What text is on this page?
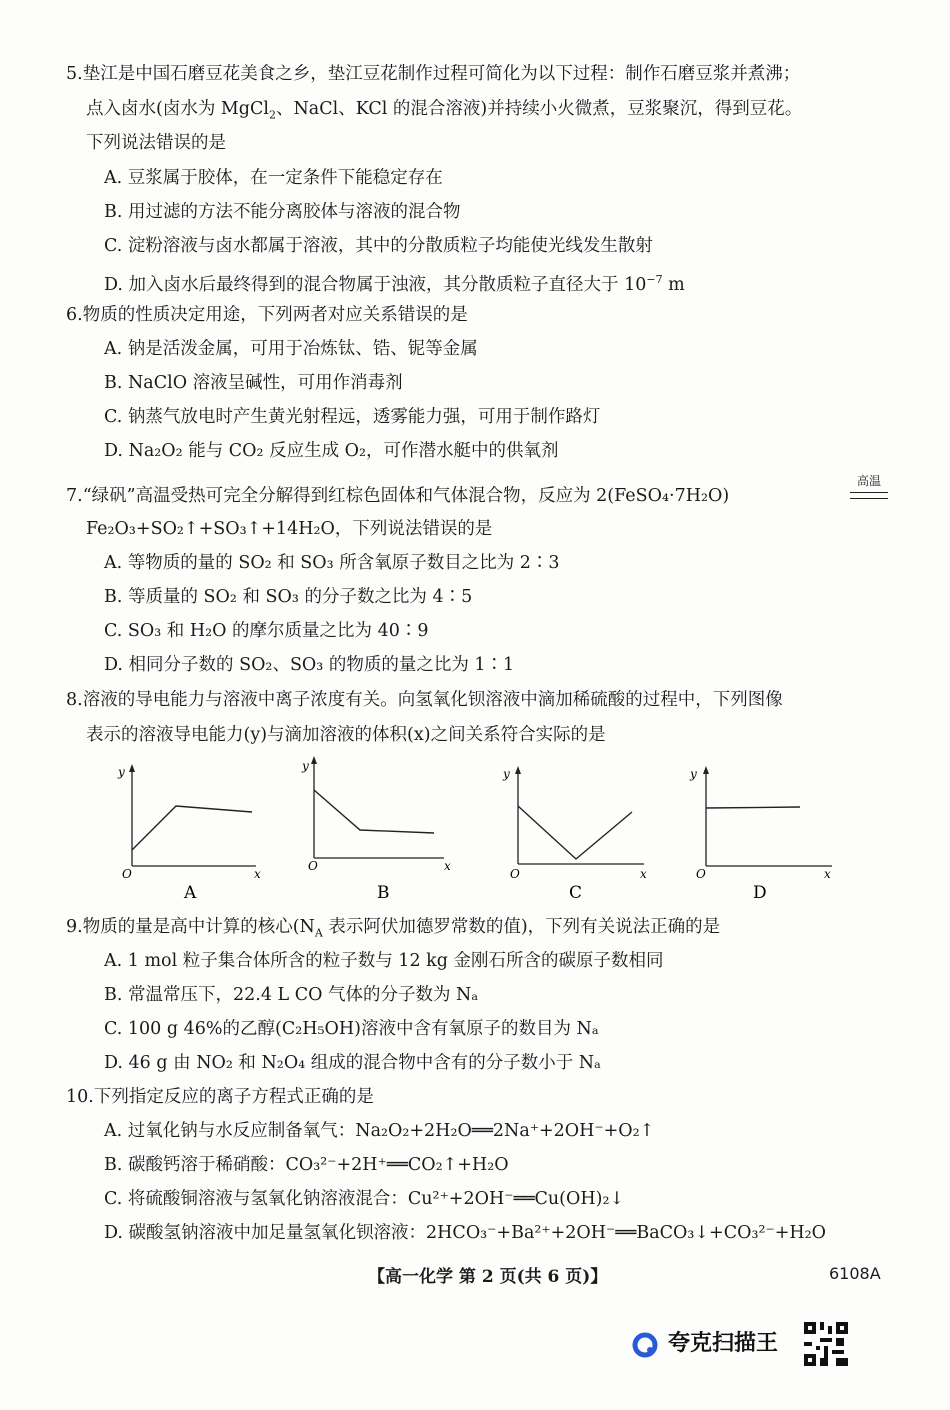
5.垫江是中国石磨豆花美食之乡，垫江豆花制作过程可简化为以下过程：制作石磨豆浆并煮沸；
点入卤水(卤水为 MgCl$_2$、NaCl、KCl 的混合溶液)并持续小火微煮，豆浆聚沉，得到豆花。
下列说法错误的是
A. 豆浆属于胶体，在一定条件下能稳定存在
B. 用过滤的方法不能分离胶体与溶液的混合物
C. 淀粉溶液与卤水都属于溶液，其中的分散质粒子均能使光线发生散射
D. 加入卤水后最终得到的混合物属于浊液，其分散质粒子直径大于 $10^{-7}$ m
6.物质的性质决定用途，下列两者对应关系错误的是
A. 钠是活泼金属，可用于冶炼钛、锆、铌等金属
B. NaClO 溶液呈碱性，可用作消毒剂
C. 钠蒸气放电时产生黄光射程远，透雾能力强，可用于制作路灯
D. Na₂O₂ 能与 CO₂ 反应生成 O₂，可作潜水艇中的供氧剂
7.“绿矾”高温受热可完全分解得到红棕色固体和气体混合物，反应为 2(FeSO₄·7H₂O)
高温
Fe₂O₃+SO₂↑+SO₃↑+14H₂O，下列说法错误的是
A. 等物质的量的 SO₂ 和 SO₃ 所含氧原子数目之比为 2∶3
B. 等质量的 SO₂ 和 SO₃ 的分子数之比为 4∶5
C. SO₃ 和 H₂O 的摩尔质量之比为 40∶9
D. 相同分子数的 SO₂、SO₃ 的物质的量之比为 1∶1
8.溶液的导电能力与溶液中离子浓度有关。向氢氧化钡溶液中滴加稀硫酸的过程中，下列图像
表示的溶液导电能力(y)与滴加溶液的体积(x)之间关系符合实际的是
y
x
O
A
y
x
O
B
y
x
O
C
y
x
O
D
9.物质的量是高中计算的核心($N_A$ 表示阿伏加德罗常数的值)，下列有关说法正确的是
A. 1 mol 粒子集合体所含的粒子数与 12 kg 金刚石所含的碳原子数相同
B. 常温常压下，22.4 L CO 气体的分子数为 Nₐ
C. 100 g 46%的乙醇(C₂H₅OH)溶液中含有氧原子的数目为 Nₐ
D. 46 g 由 NO₂ 和 N₂O₄ 组成的混合物中含有的分子数小于 Nₐ
10.下列指定反应的离子方程式正确的是
A. 过氧化钠与水反应制备氧气：Na₂O₂+2H₂O══2Na⁺+2OH⁻+O₂↑
B. 碳酸钙溶于稀硝酸：CO₃²⁻+2H⁺══CO₂↑+H₂O
C. 将硫酸铜溶液与氢氧化钠溶液混合：Cu²⁺+2OH⁻══Cu(OH)₂↓
D. 碳酸氢钠溶液中加足量氢氧化钡溶液：2HCO₃⁻+Ba²⁺+2OH⁻══BaCO₃↓+CO₃²⁻+H₂O
【高一化学 第 2 页(共 6 页)】	6108A
夸克扫描王
